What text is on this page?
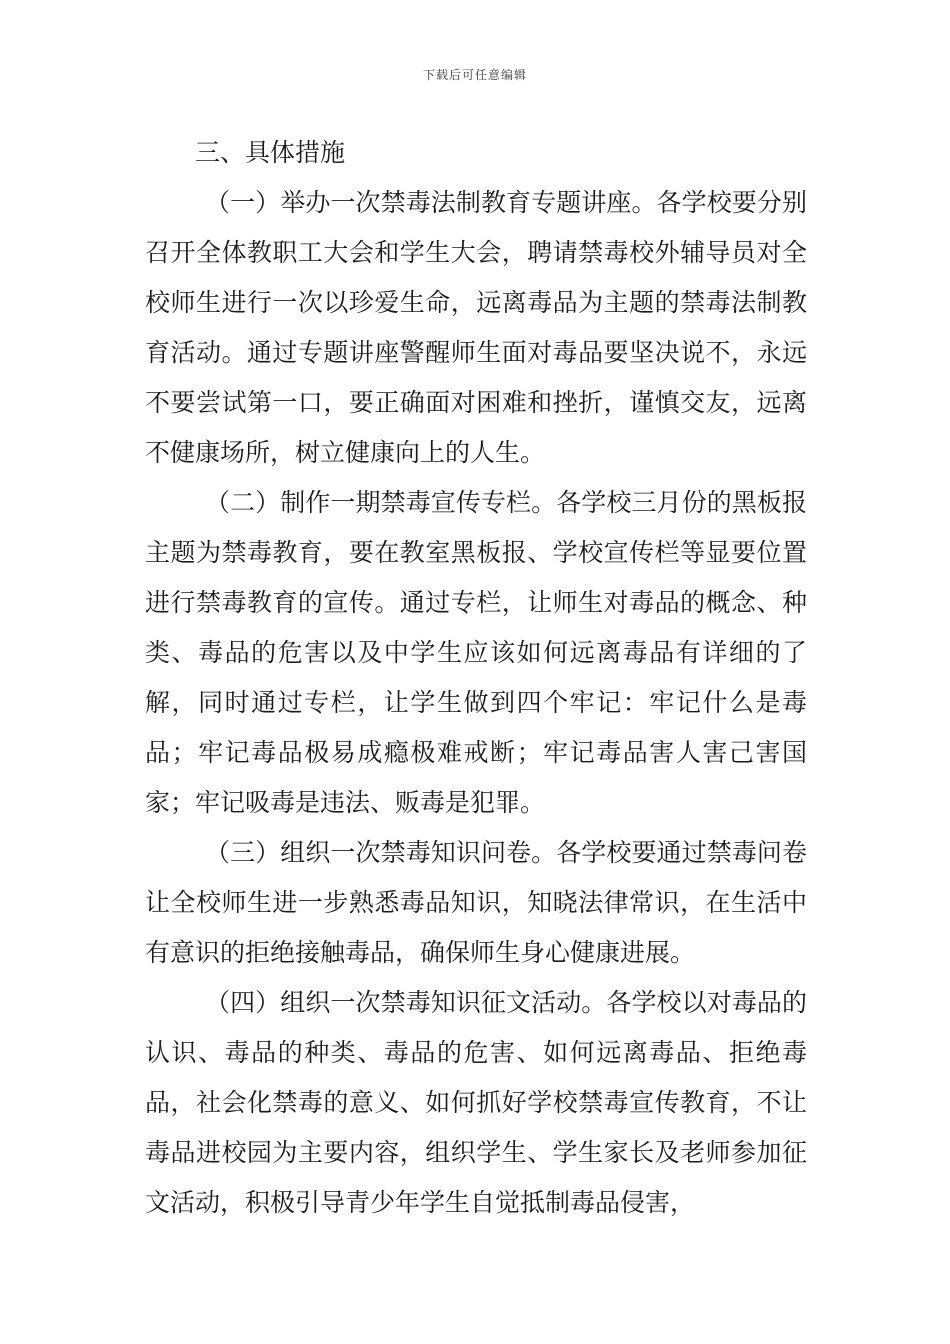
下载后可任意编辑
三、具体措施

（一）举办一次禁毒法制教育专题讲座。各学校要分别召开全体教职工大会和学生大会，聘请禁毒校外辅导员对全校师生进行一次以珍爱生命，远离毒品为主题的禁毒法制教育活动。通过专题讲座警醒师生面对毒品要坚决说不，永远不要尝试第一口，要正确面对困难和挫折，谨慎交友，远离不健康场所，树立健康向上的人生。

（二）制作一期禁毒宣传专栏。各学校三月份的黑板报主题为禁毒教育，要在教室黑板报、学校宣传栏等显要位置进行禁毒教育的宣传。通过专栏，让师生对毒品的概念、种类、毒品的危害以及中学生应该如何远离毒品有详细的了解，同时通过专栏，让学生做到四个牢记：牢记什么是毒品；牢记毒品极易成瘾极难戒断；牢记毒品害人害己害国家；牢记吸毒是违法、贩毒是犯罪。

（三）组织一次禁毒知识问卷。各学校要通过禁毒问卷让全校师生进一步熟悉毒品知识，知晓法律常识，在生活中有意识的拒绝接触毒品，确保师生身心健康进展。

（四）组织一次禁毒知识征文活动。各学校以对毒品的认识、毒品的种类、毒品的危害、如何远离毒品、拒绝毒品，社会化禁毒的意义、如何抓好学校禁毒宣传教育，不让毒品进校园为主要内容，组织学生、学生家长及老师参加征文活动，积极引导青少年学生自觉抵制毒品侵害，
